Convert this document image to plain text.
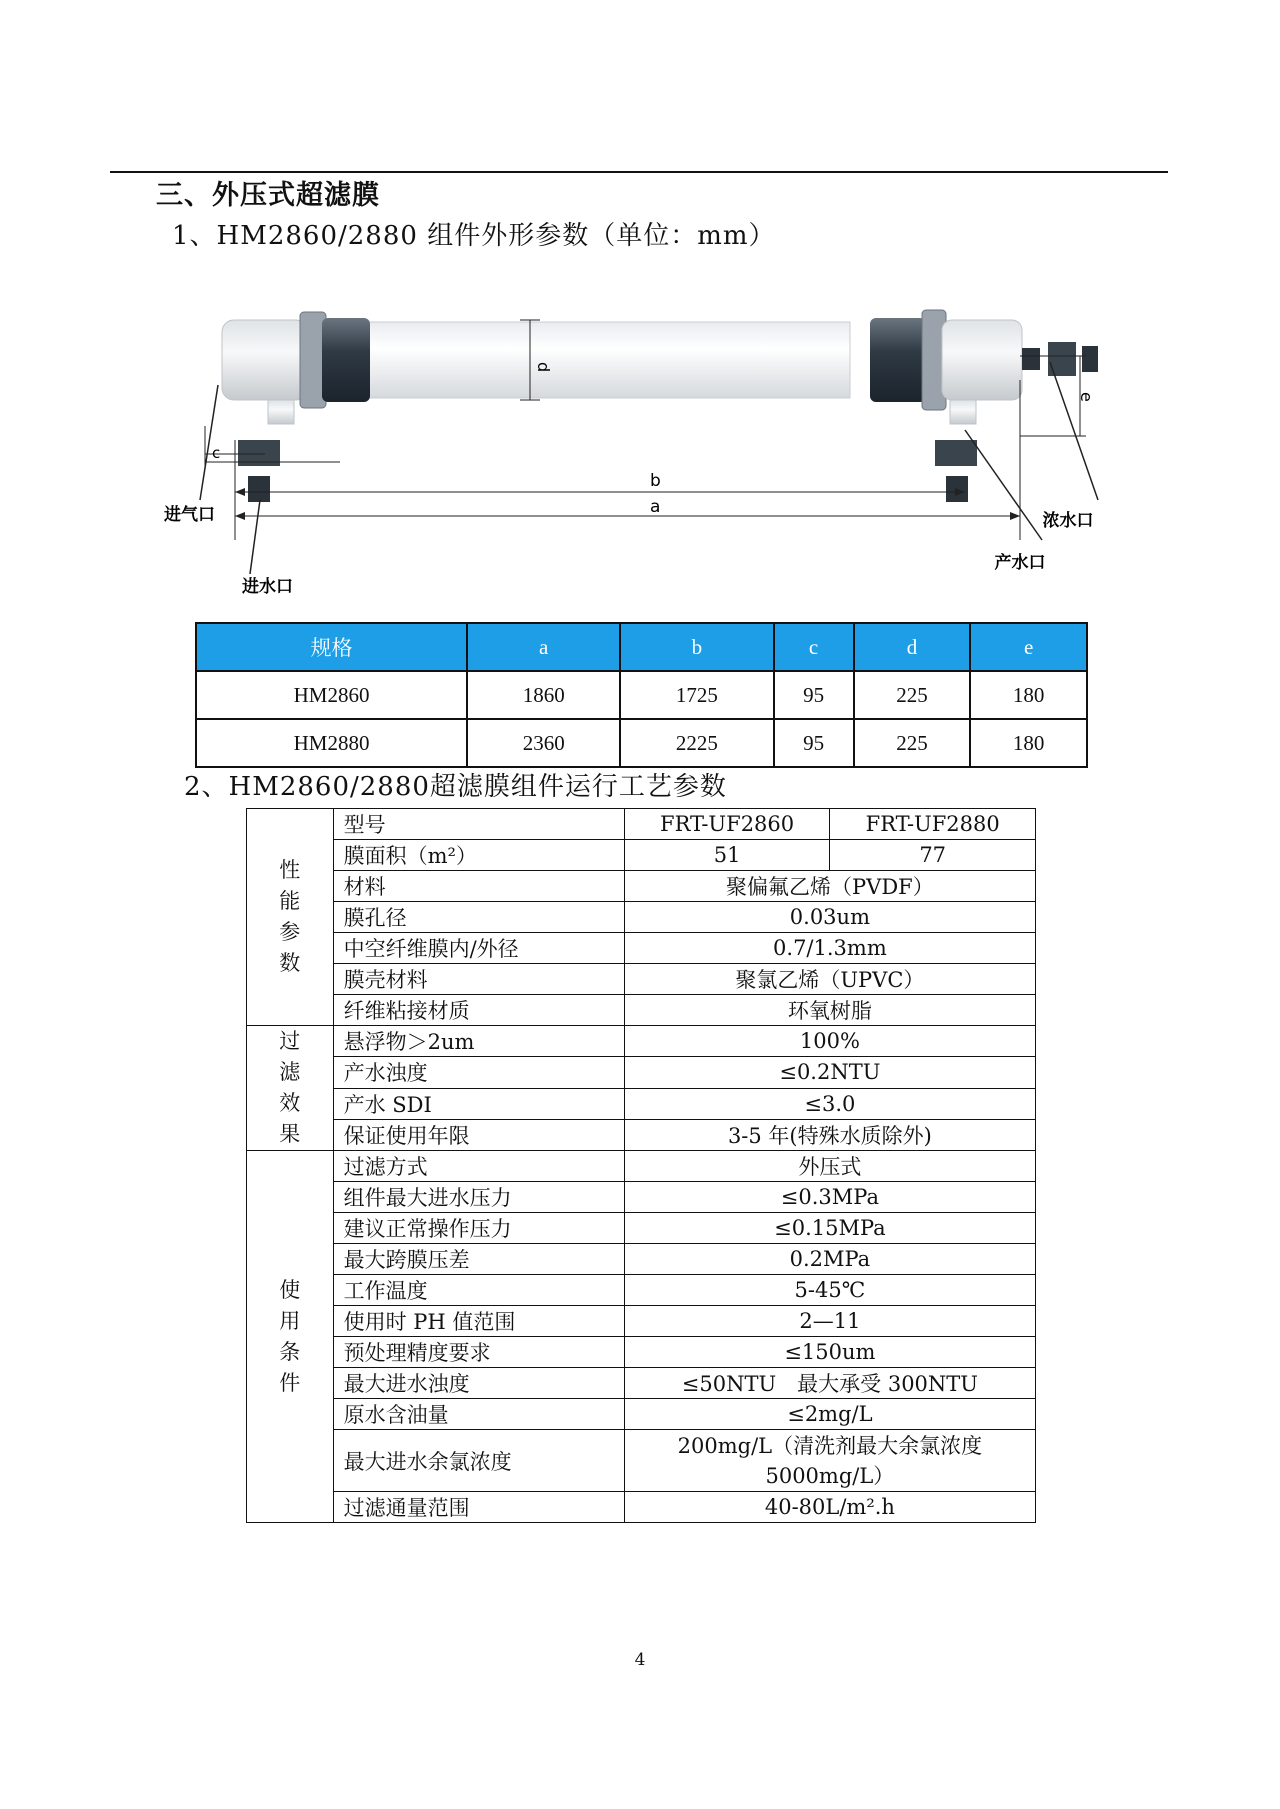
三、外压式超滤膜
1、HM2860/2880 组件外形参数（单位：mm）
d
e
c
b
a
进气口
进水口
浓水口
产水口
规格	a	b	c	d	e
HM2860	1860	1725	95	225	180
HM2880	2360	2225	95	225	180
2、HM2860/2880超滤膜组件运行工艺参数
性能参数	型号	FRT-UF2860	FRT-UF2880
	膜面积（m²）	51	77
	材料	聚偏氟乙烯（PVDF）	
	膜孔径	0.03um	
	中空纤维膜内/外径	0.7/1.3mm	
	膜壳材料	聚氯乙烯（UPVC）	
	纤维粘接材质	环氧树脂	
过滤效果	悬浮物＞2um	100%	
	产水浊度	≤0.2NTU	
	产水 SDI	≤3.0	
	保证使用年限	3-5 年(特殊水质除外)	
使用条件	过滤方式	外压式	
	组件最大进水压力	≤0.3MPa	
	建议正常操作压力	≤0.15MPa	
	最大跨膜压差	0.2MPa	
	工作温度	5-45℃	
	使用时 PH 值范围	2—11	
	预处理精度要求	≤150um	
	最大进水浊度	≤50NTU　最大承受 300NTU	
	原水含油量	≤2mg/L	
	最大进水余氯浓度	200mg/L（清洗剂最大余氯浓度
5000mg/L）	

	过滤通量范围	40-80L/m².h	
4
